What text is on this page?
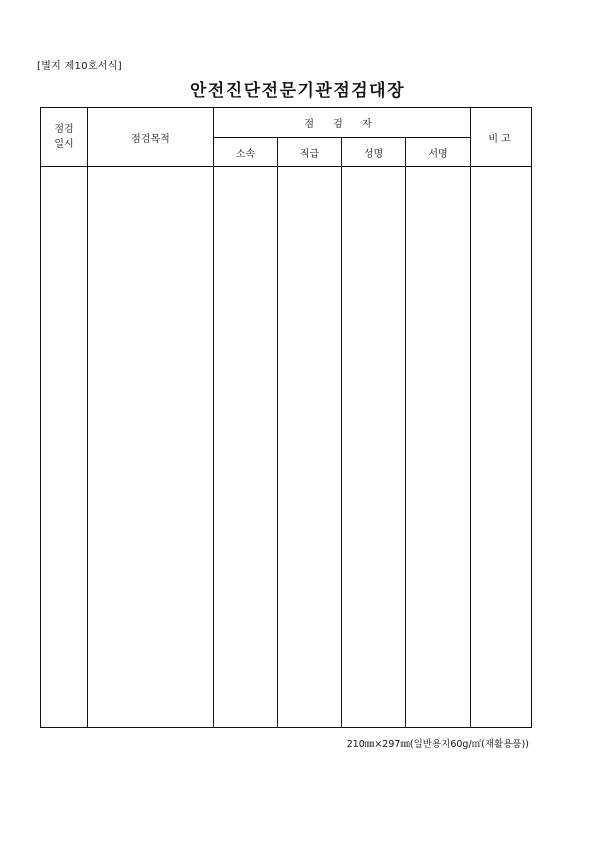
[별지 제10호서식]
안전진단전문기관점검대장
점검
일시	점검목적	점 검 자				비고
		소속	직급	성명	서명	

210㎜×297㎜(일반용지60g/㎡(재활용품))
